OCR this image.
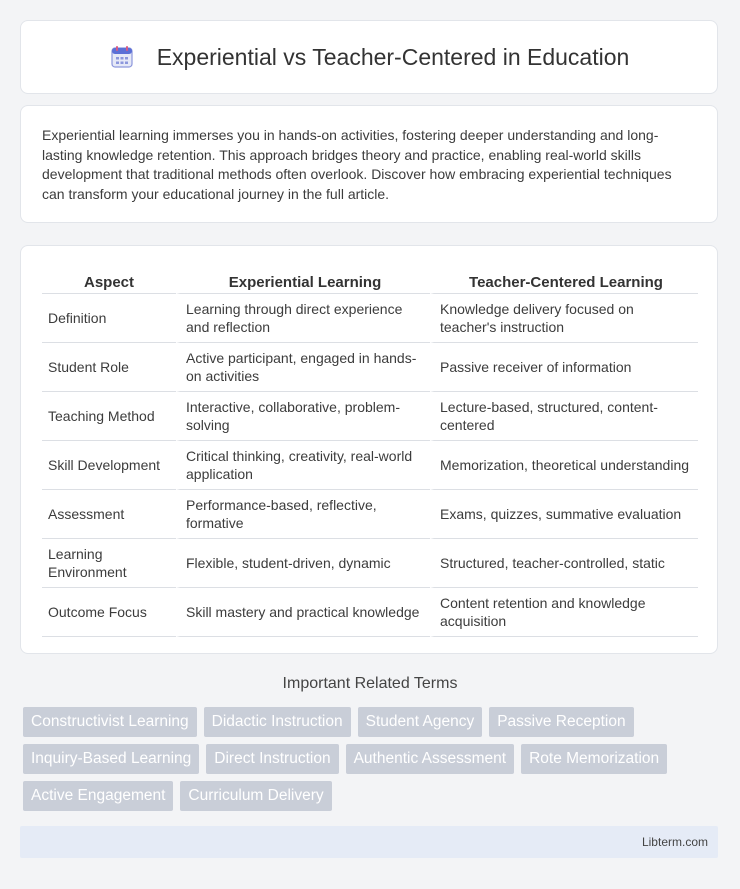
Experiential vs Teacher-Centered in Education

Experiential learning immerses you in hands-on activities, fostering deeper understanding and long-lasting knowledge retention. This approach bridges theory and practice, enabling real-world skills development that traditional methods often overlook. Discover how embracing experiential techniques can transform your educational journey in the full article.

Aspect	Experiential Learning	Teacher-Centered Learning
Definition	Learning through direct experience and reflection	Knowledge delivery focused on teacher's instruction
Student Role	Active participant, engaged in hands-on activities	Passive receiver of information
Teaching Method	Interactive, collaborative, problem-solving	Lecture-based, structured, content-centered
Skill Development	Critical thinking, creativity, real-world application	Memorization, theoretical understanding
Assessment	Performance-based, reflective, formative	Exams, quizzes, summative evaluation
Learning Environment	Flexible, student-driven, dynamic	Structured, teacher-controlled, static
Outcome Focus	Skill mastery and practical knowledge	Content retention and knowledge acquisition
Important Related Terms
Constructivist Learning	Didactic Instruction	Student Agency	Passive Reception
Inquiry-Based Learning	Direct Instruction	Authentic Assessment	Rote Memorization
Active Engagement	Curriculum Delivery
Libterm.com
